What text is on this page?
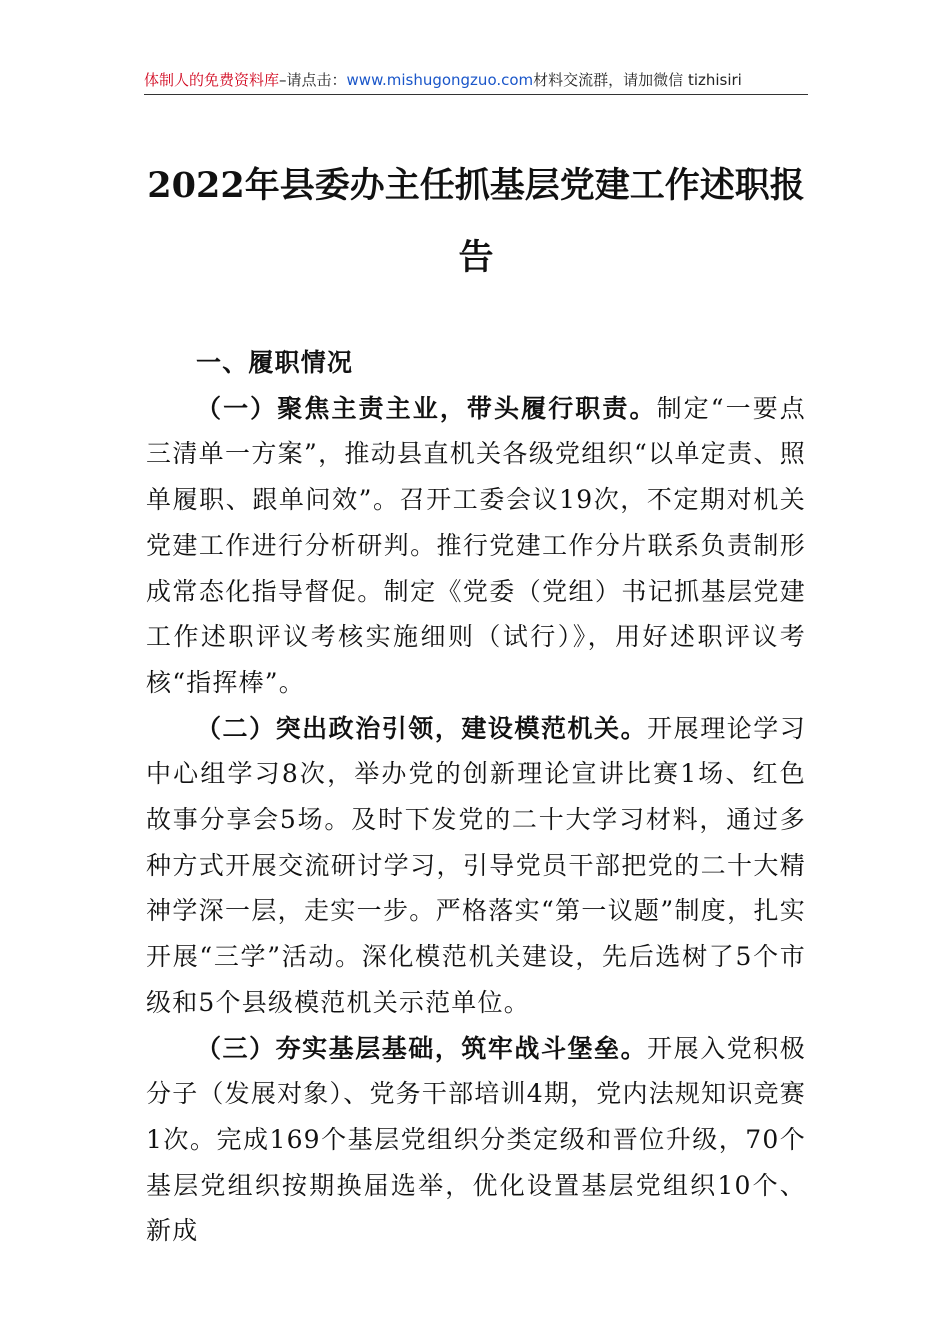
体制人的免费资料库–请点击：www.mishugongzuo.com材料交流群，请加微信 tizhisiri
2022年县委办主任抓基层党建工作述职报
告

一、履职情况

（一）聚焦主责主业，带头履行职责。制定“一要点三清单一方案”，推动县直机关各级党组织“以单定责、照单履职、跟单问效”。召开工委会议19次，不定期对机关党建工作进行分析研判。推行党建工作分片联系负责制形成常态化指导督促。制定《党委（党组）书记抓基层党建工作述职评议考核实施细则（试行）》，用好述职评议考核“指挥棒”。

（二）突出政治引领，建设模范机关。开展理论学习中心组学习8次，举办党的创新理论宣讲比赛1场、红色故事分享会5场。及时下发党的二十大学习材料，通过多种方式开展交流研讨学习，引导党员干部把党的二十大精神学深一层，走实一步。严格落实“第一议题”制度，扎实开展“三学”活动。深化模范机关建设，先后选树了5个市级和5个县级模范机关示范单位。

（三）夯实基层基础，筑牢战斗堡垒。开展入党积极分子（发展对象）、党务干部培训4期，党内法规知识竞赛1次。完成169个基层党组织分类定级和晋位升级，70个基层党组织按期换届选举，优化设置基层党组织10个、新成
